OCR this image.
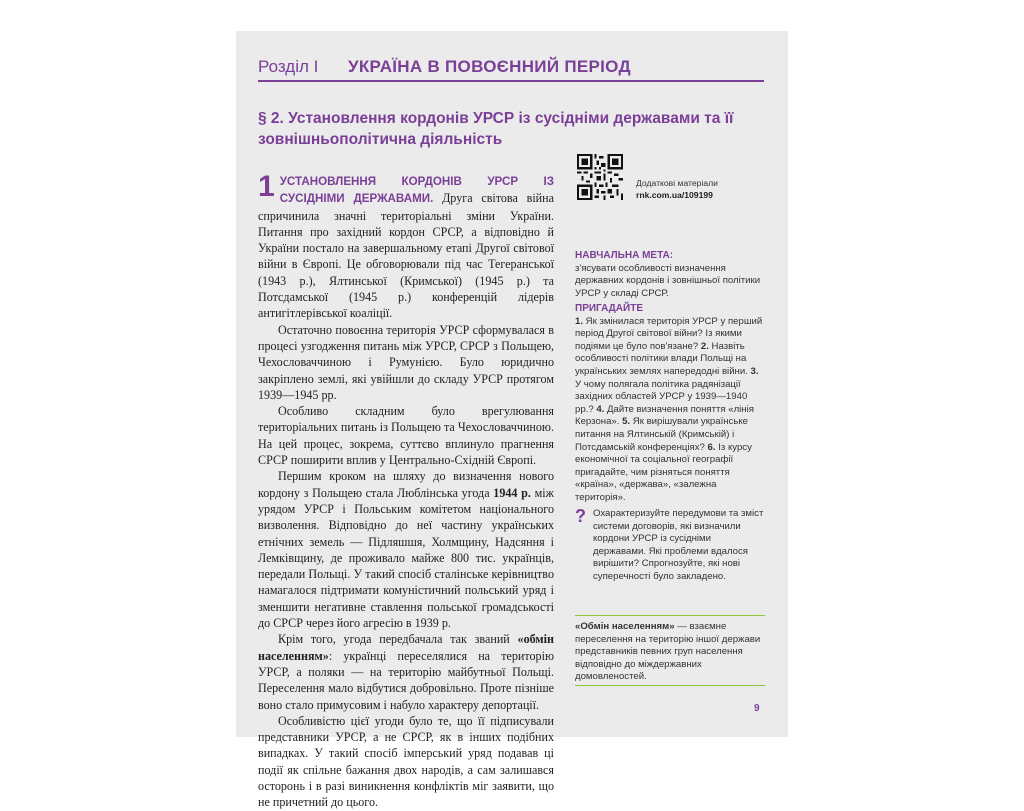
Розділ I УКРАЇНА В ПОВОЄННИЙ ПЕРІОД
§ 2. Установлення кордонів УРСР із сусідніми державами та її зовнішньополітична діяльність

1 УСТАНОВЛЕННЯ КОРДОНІВ УРСР ІЗ СУСІДНІМИ ДЕРЖАВАМИ. Друга світова війна спричинила значні територіальні зміни України. Питання про західний кордон СРСР, а відповідно й України постало на завершальному етапі Другої світової війни в Європі. Це обговорювали під час Тегеранської (1943 р.), Ялтинської (Кримської) (1945 р.) та Потсдамської (1945 р.) конференцій лідерів антигітлерівської коаліції.

Остаточно повоєнна територія УРСР сформувалася в процесі узгодження питань між УРСР, СРСР з Польщею, Чехословаччиною і Румунією. Було юридично закріплено землі, які увійшли до складу УРСР протягом 1939—1945 рр.

Особливо складним було врегулювання територіальних питань із Польщею та Чехословаччиною. На цей процес, зокрема, суттєво вплинуло прагнення СРСР поширити вплив у Центрально-Східній Європі.

Першим кроком на шляху до визначення нового кордону з Польщею стала Люблінська угода 1944 р. між урядом УРСР і Польським комітетом національного визволення. Відповідно до неї частину українських етнічних земель — Підляшшя, Холмщину, Надсяння і Лемківщину, де проживало майже 800 тис. українців, передали Польщі. У такий спосіб сталінське керівництво намагалося підтримати комуністичний польський уряд і зменшити негативне ставлення польської громадськості до СРСР через його агресію в 1939 р.

Крім того, угода передбачала так званий «обмін населенням»: українці переселялися на територію УРСР, а поляки — на територію майбутньої Польщі. Переселення мало відбутися добровільно. Проте пізніше воно стало примусовим і набуло характеру депортації.

Особливістю цієї угоди було те, що її підписували представники УРСР, а не СРСР, як в інших подібних випадках. У такий спосіб імперський уряд подавав ці події як спільне бажання двох народів, а сам залишався осторонь і в разі виникнення конфліктів міг заявити, що не причетний до цього.

Додаткові матеріали
rnk.com.ua/109199
НАВЧАЛЬНА МЕТА:
з'ясувати особливості визначення державних кордонів і зовнішньої політики УРСР у складі СРСР.
ПРИГАДАЙТЕ
1. Як змінилася територія УРСР у перший період Другої світової війни? Із якими подіями це було пов'язане? 2. Назвіть особливості політики влади Польщі на українських землях напередодні війни. 3. У чому полягала політика радянізації західних областей УРСР у 1939—1940 рр.? 4. Дайте визначення поняття «лінія Керзона». 5. Як вирішували українське питання на Ялтинській (Кримській) і Потсдамській конференціях? 6. Із курсу економічної та соціальної географії пригадайте, чим різняться поняття «країна», «держава», «залежна територія».
? Охарактеризуйте передумови та зміст системи договорів, які визначили кордони УРСР із сусідніми державами. Які проблеми вдалося вирішити? Спрогнозуйте, які нові суперечності було закладено.
«Обмін населенням» — взаємне переселення на територію іншої держави представників певних груп населення відповідно до міждержавних домовленостей.
9
